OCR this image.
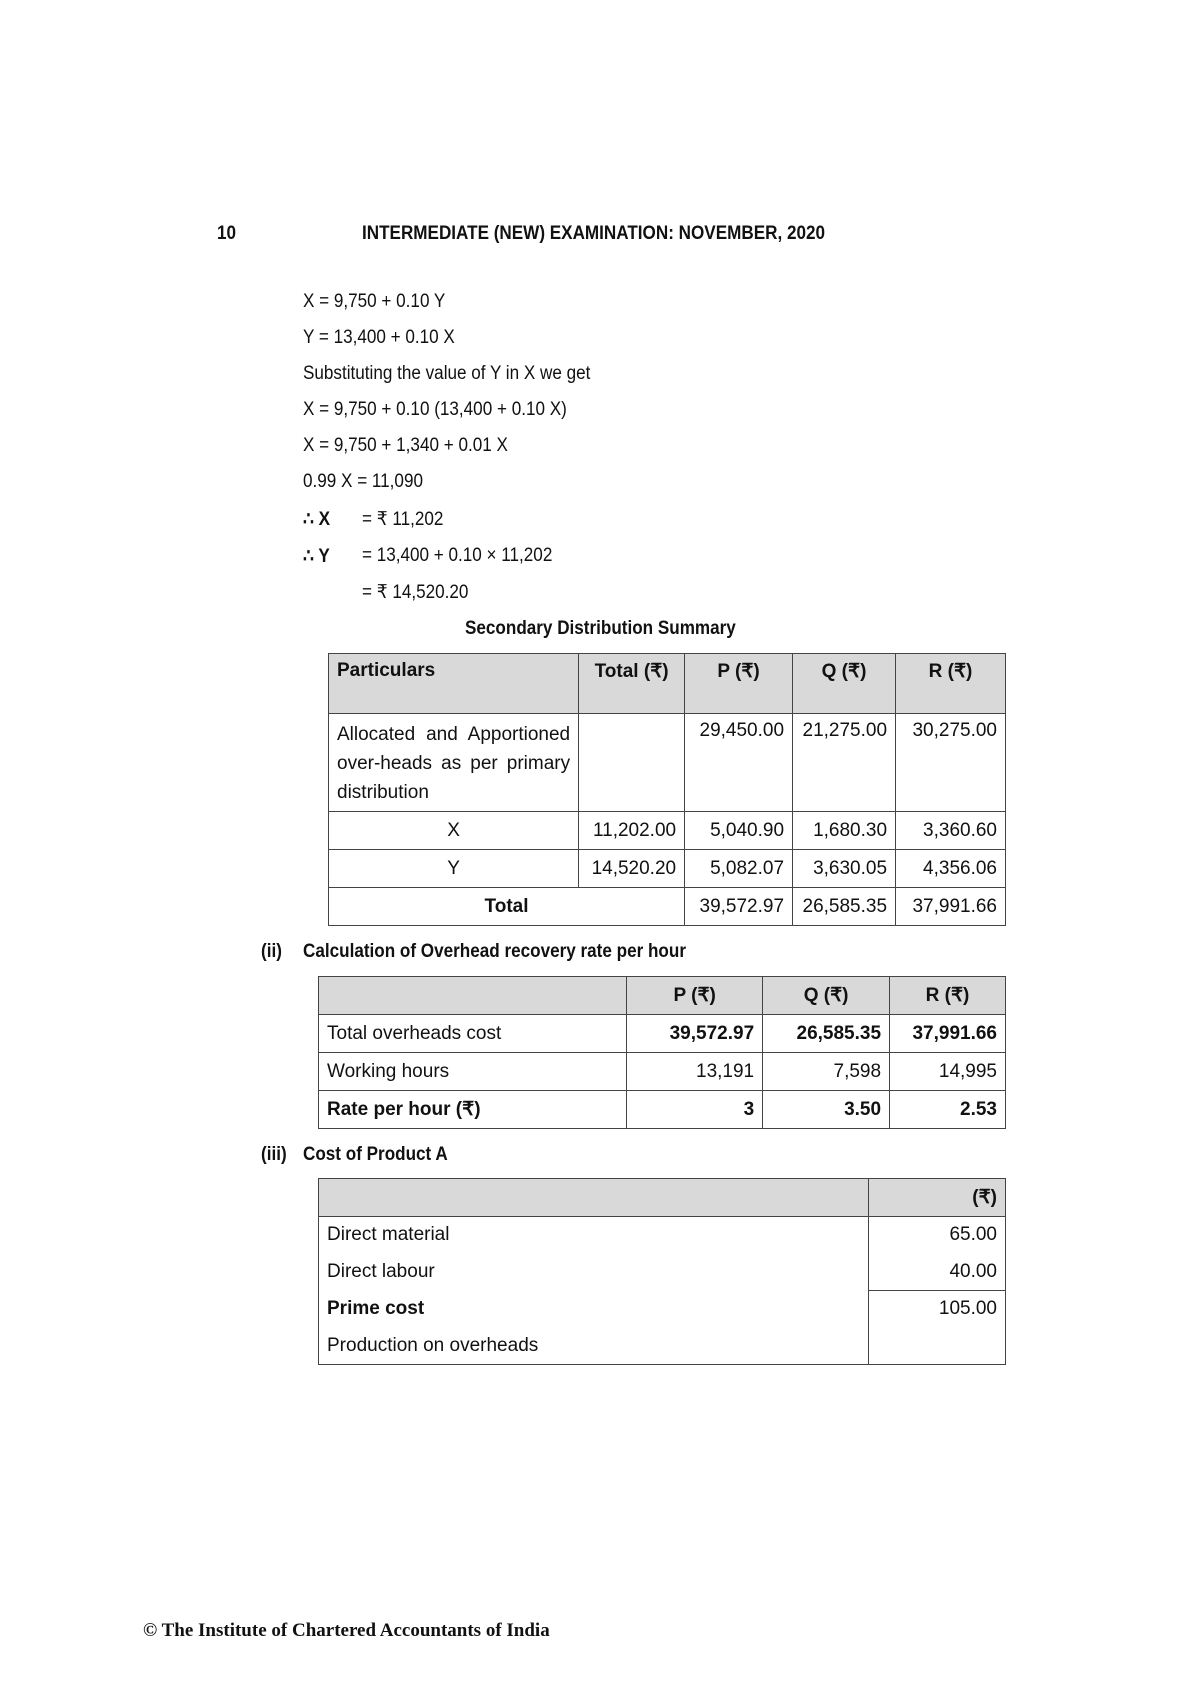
10	INTERMEDIATE (NEW) EXAMINATION: NOVEMBER, 2020
X = 9,750 + 0.10 Y
Y = 13,400 + 0.10 X
Substituting the value of Y in X we get
X = 9,750 + 0.10 (13,400 + 0.10 X)
X = 9,750 + 1,340 + 0.01 X
0.99 X = 11,090
∴ X = ₹ 11,202
∴ Y = 13,400 + 0.10 × 11,202
= ₹ 14,520.20
Secondary Distribution Summary
Particulars	Total (₹)	P (₹)	Q (₹)	R (₹)
Allocated and Apportioned over-heads as per primary distribution		29,450.00	21,275.00	30,275.00
X	11,202.00	5,040.90	1,680.30	3,360.60
Y	14,520.20	5,082.07	3,630.05	4,356.06
Total		39,572.97	26,585.35	37,991.66
(ii) Calculation of Overhead recovery rate per hour
	P (₹)	Q (₹)	R (₹)
Total overheads cost	39,572.97	26,585.35	37,991.66
Working hours	13,191	7,598	14,995
Rate per hour (₹)	3	3.50	2.53
(iii) Cost of Product A
	(₹)
Direct material	65.00
Direct labour	40.00
Prime cost	105.00
Production on overheads	
© The Institute of Chartered Accountants of India
